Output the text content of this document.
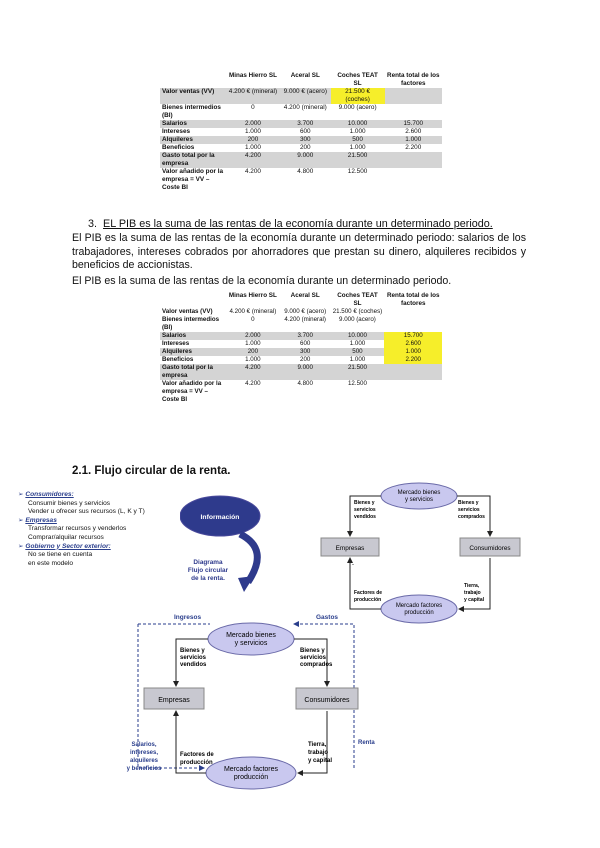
	Minas Hierro SL	Aceral SL	Coches TEAT SL	Renta total de los factores
Valor ventas (VV)	4.200 € (mineral)	9.000 € (acero)	21.500 € (coches)	
Bienes intermedios (BI)	0	4.200 (mineral)	9.000 (acero)	
Salarios	2.000	3.700	10.000	15.700
Intereses	1.000	600	1.000	2.600
Alquileres	200	300	500	1.000
Beneficios	1.000	200	1.000	2.200
Gasto total por la empresa	4.200	9.000	21.500	
Valor añadido por la empresa = VV – Coste BI	4.200	4.800	12.500	
3. EL PIB es la suma de las rentas de la economía durante un determinado periodo.
El PIB es la suma de las rentas de la economía durante un determinado periodo: salarios de los trabajadores, intereses cobrados por ahorradores que prestan su dinero, alquileres recibidos y beneficios de accionistas.
El PIB es la suma de las rentas de la economía durante un determinado periodo.
	Minas Hierro SL	Aceral SL	Coches TEAT SL	Renta total de los factores
Valor ventas (VV)	4.200 € (mineral)	9.000 € (acero)	21.500 € (coches)	
Bienes intermedios (BI)	0	4.200 (mineral)	9.000 (acero)	
Salarios	2.000	3.700	10.000	15.700
Intereses	1.000	600	1.000	2.600
Alquileres	200	300	500	1.000
Beneficios	1.000	200	1.000	2.200
Gasto total por la empresa	4.200	9.000	21.500	
Valor añadido por la empresa = VV – Coste BI	4.200	4.800	12.500	
2.1. Flujo circular de la renta.
➢ Consumidores:
Consumir bienes y servicios
Vender u ofrecer sus recursos (L, K y T)
➢ Empresas
Transformar recursos y venderlos
Comprar/alquilar recursos
➢ Gobierno y Sector exterior:
No se tiene en cuenta
en este modelo
Información
Diagrama
Flujo circular
de la renta.
Mercado bienes
y servicios
Mercado factores
producción
Empresas	Consumidores
Bienes y
servicios
vendidos
Bienes y
servicios
comprados
Factores de
producción
Tierra,
trabajo
y capital
-
Mercado bienes
y servicios
Mercado factores
producción
Empresas	Consumidores
Ingresos	Gastos
Bienes y
servicios
vendidos
Bienes y
servicios
comprados
Factores de
producción
Tierra,
trabajo
y capital
Renta
Salarios,
intereses,
alquileres
y beneficios
